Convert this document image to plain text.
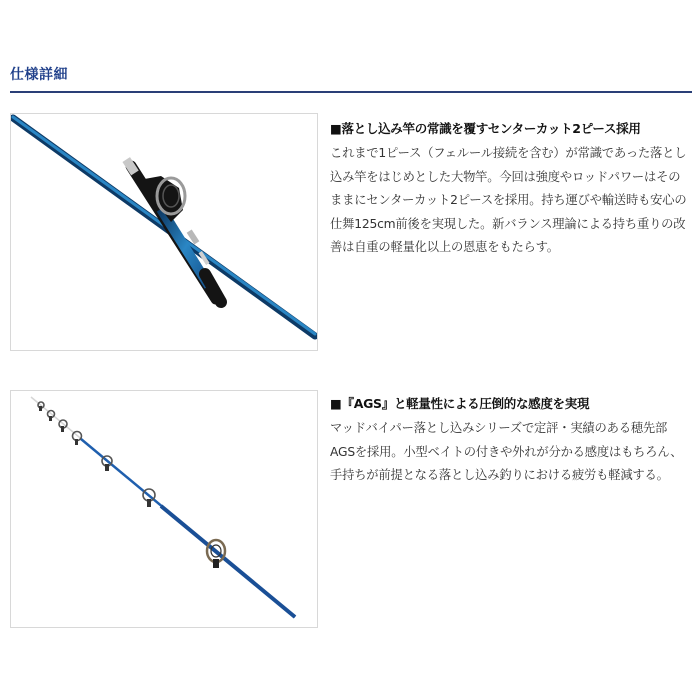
仕様詳細
■落とし込み竿の常識を覆すセンターカット2ピース採用

これまで1ピース（フェルール接続を含む）が常識であった落とし込み竿をはじめとした大物竿。今回は強度やロッドパワーはそのままにセンターカット2ピースを採用。持ち運びや輸送時も安心の仕舞125cm前後を実現した。新バランス理論による持ち重りの改善は自重の軽量化以上の恩恵をもたらす。

■『AGS』と軽量性による圧倒的な感度を実現

マッドバイパー落とし込みシリーズで定評・実績のある穂先部AGSを採用。小型ベイトの付きや外れが分かる感度はもちろん、手持ちが前提となる落とし込み釣りにおける疲労も軽減する。
